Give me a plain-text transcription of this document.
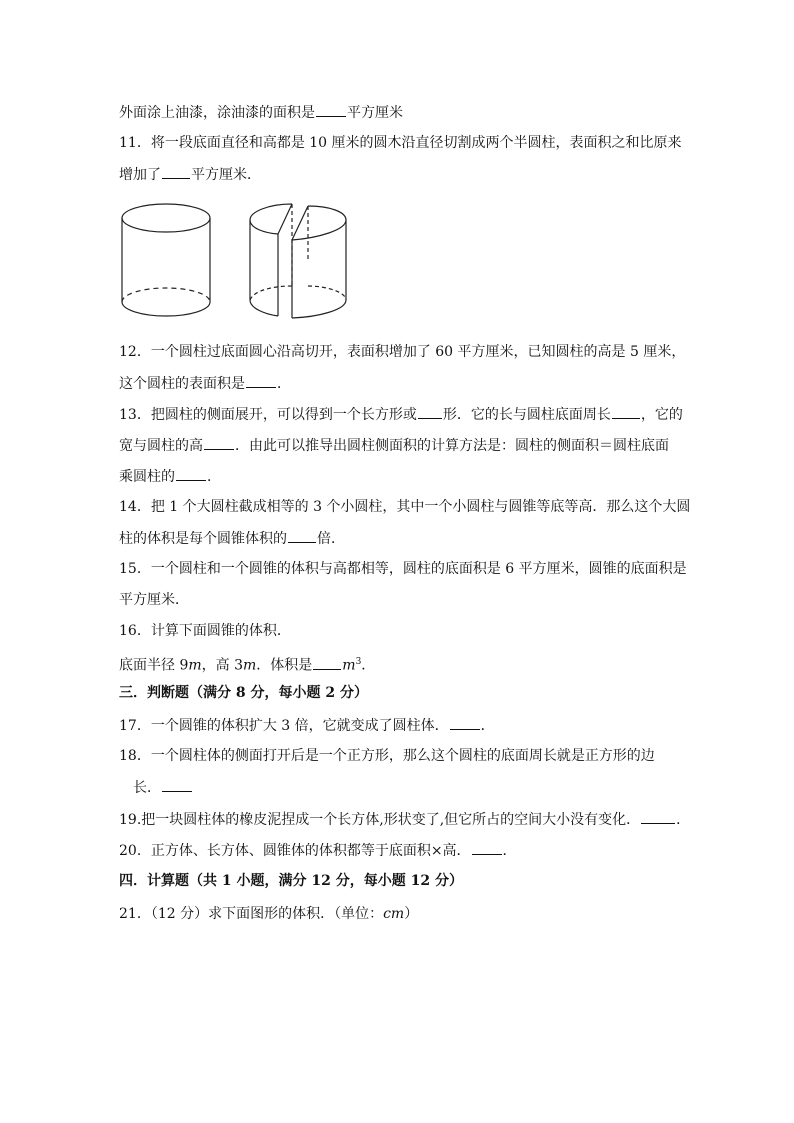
外面涂上油漆，涂油漆的面积是 平方厘米
11．将一段底面直径和高都是 10 厘米的圆木沿直径切割成两个半圆柱，表面积之和比原来
增加了 平方厘米．
12．一个圆柱过底面圆心沿高切开，表面积增加了 60 平方厘米，已知圆柱的高是 5 厘米，
这个圆柱的表面积是 ．
13．把圆柱的侧面展开，可以得到一个长方形或 形．它的长与圆柱底面周长 ，它的
宽与圆柱的高 ．由此可以推导出圆柱侧面积的计算方法是：圆柱的侧面积＝圆柱底面
乘圆柱的 ．
14．把 1 个大圆柱截成相等的 3 个小圆柱，其中一个小圆柱与圆锥等底等高．那么这个大圆
柱的体积是每个圆锥体积的 倍．
15．一个圆柱和一个圆锥的体积与高都相等，圆柱的底面积是 6 平方厘米，圆锥的底面积是
平方厘米．
16．计算下面圆锥的体积．
底面半径 9m，高 3m．体积是 $m^3$．
三．判断题（满分 8 分，每小题 2 分）
17．一个圆锥的体积扩大 3 倍，它就变成了圆柱体． ．
18．一个圆柱体的侧面打开后是一个正方形，那么这个圆柱的底面周长就是正方形的边
长．
19.把一块圆柱体的橡皮泥捏成一个长方体,形状变了,但它所占的空间大小没有变化．	．
20．正方体、长方体、圆锥体的体积都等于底面积×高． ．
四．计算题（共 1 小题，满分 12 分，每小题 12 分）
21．（12 分）求下面图形的体积．（单位：cm）
